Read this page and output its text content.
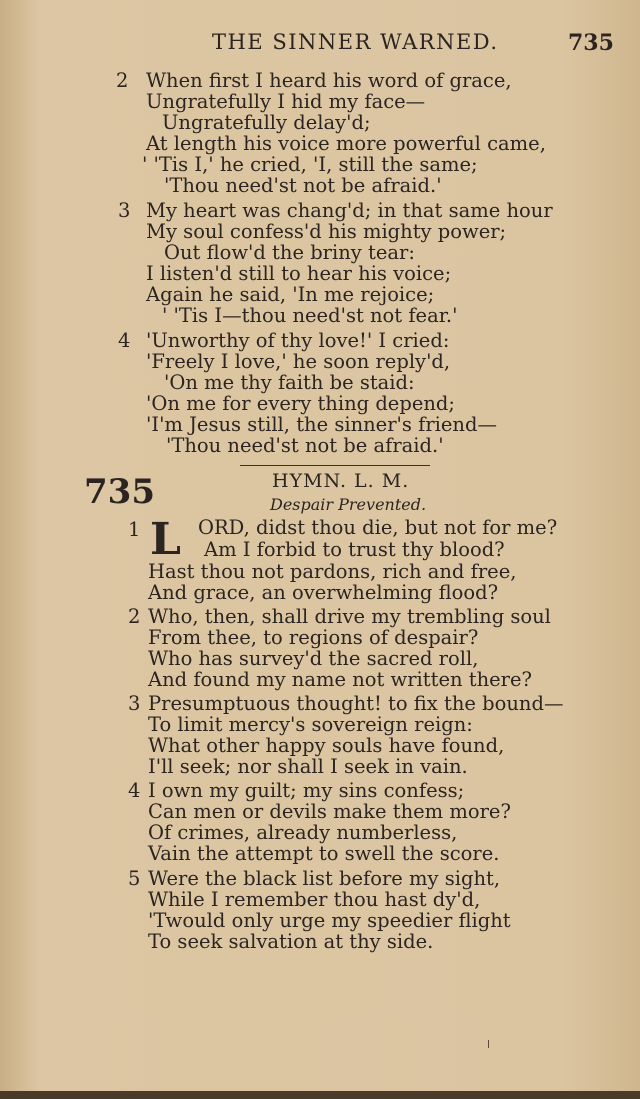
THE SINNER WARNED.	735
2 When first I heard his word of grace,
Ungratefully I hid my face—
Ungratefully delay'd;
At length his voice more powerful came,
' 'Tis I,' he cried, 'I, still the same;
'Thou need'st not be afraid.'
3 My heart was chang'd; in that same hour
My soul confess'd his mighty power;
Out flow'd the briny tear:
I listen'd still to hear his voice;
Again he said, 'In me rejoice;
' 'Tis I—thou need'st not fear.'
4 'Unworthy of thy love!' I cried:
'Freely I love,' he soon reply'd,
'On me thy faith be staid:
'On me for every thing depend;
'I'm Jesus still, the sinner's friend—
'Thou need'st not be afraid.'
735	HYMN. L. M.
Despair Prevented.
1 L ORD, didst thou die, but not for me?
Am I forbid to trust thy blood?
Hast thou not pardons, rich and free,
And grace, an overwhelming flood?
2 Who, then, shall drive my trembling soul
From thee, to regions of despair?
Who has survey'd the sacred roll,
And found my name not written there?
3 Presumptuous thought! to fix the bound—
To limit mercy's sovereign reign:
What other happy souls have found,
I'll seek; nor shall I seek in vain.
4 I own my guilt; my sins confess;
Can men or devils make them more?
Of crimes, already numberless,
Vain the attempt to swell the score.
5 Were the black list before my sight,
While I remember thou hast dy'd,
'Twould only urge my speedier flight
To seek salvation at thy side.
